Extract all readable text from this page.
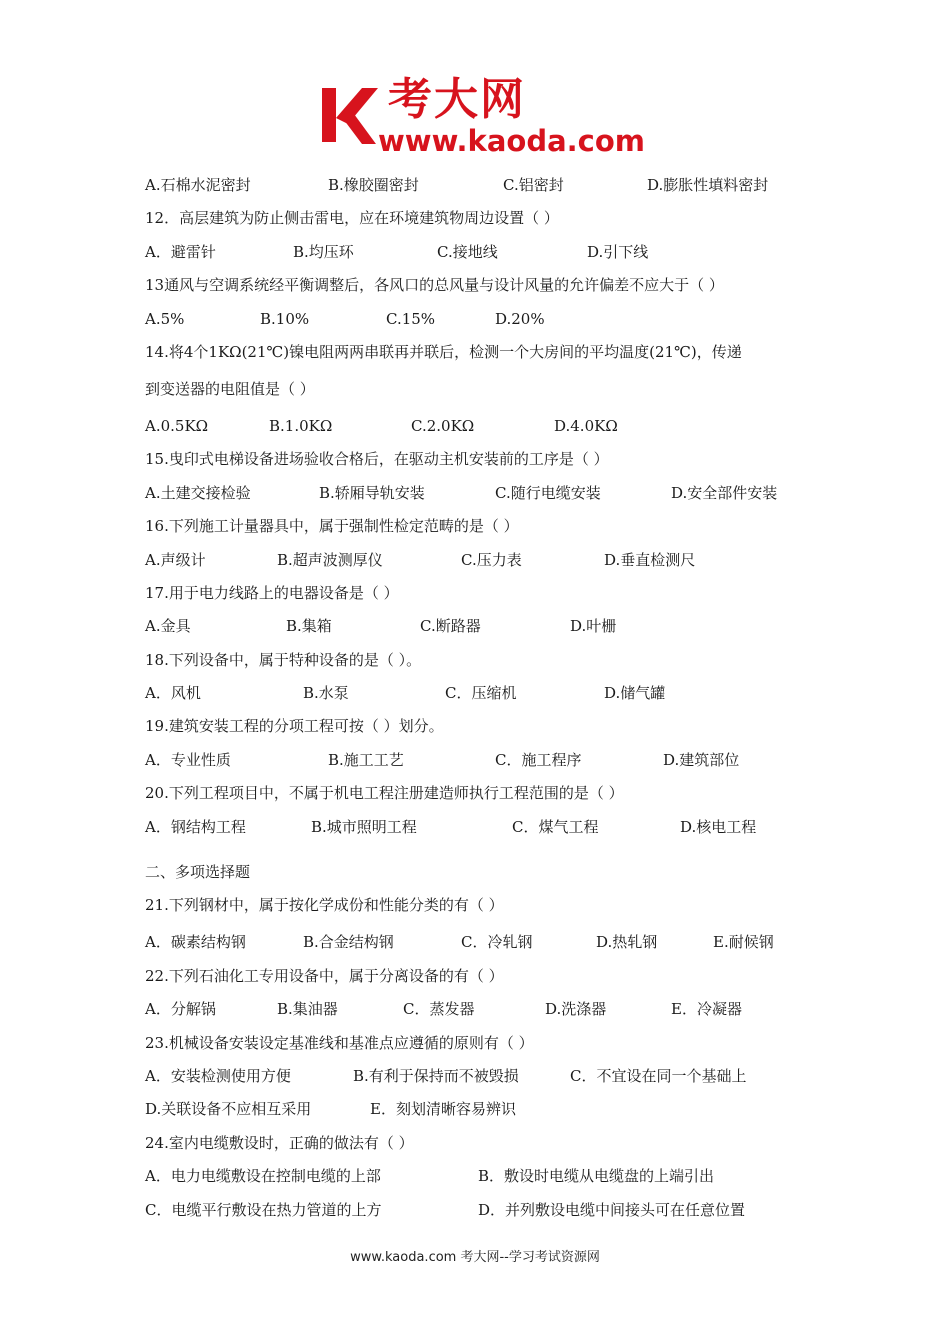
考大网
www.kaoda.com
A.石棉水泥密封	B.橡胶圈密封	C.铝密封	D.膨胀性填料密封
12．高层建筑为防止侧击雷电，应在环境建筑物周边设置（ ）
A．避雷针	B.均压环	C.接地线	D.引下线
13通风与空调系统经平衡调整后，各风口的总风量与设计风量的允许偏差不应大于（ ）
A.5%	B.10%	C.15%	D.20%
14.将4个1KΩ(21℃)镍电阻两两串联再并联后，检测一个大房间的平均温度(21℃)，传递
到变送器的电阻值是（ ）
A.0.5KΩ	B.1.0KΩ	C.2.0KΩ	D.4.0KΩ
15.曳印式电梯设备进场验收合格后，在驱动主机安装前的工序是（ ）
A.土建交接检验	B.轿厢导轨安装	C.随行电缆安装	D.安全部件安装
16.下列施工计量器具中，属于强制性检定范畴的是（ ）
A.声级计	B.超声波测厚仪	C.压力表	D.垂直检测尺
17.用于电力线路上的电器设备是（ ）
A.金具	B.集箱	C.断路器	D.叶栅
18.下列设备中，属于特种设备的是（ ）。
A．风机	B.水泵	C．压缩机	D.储气罐
19.建筑安装工程的分项工程可按（ ）划分。
A．专业性质	B.施工工艺	C．施工程序	D.建筑部位
20.下列工程项目中，不属于机电工程注册建造师执行工程范围的是（ ）
A．钢结构工程	B.城市照明工程	C．煤气工程	D.核电工程
二、多项选择题
21.下列钢材中，属于按化学成份和性能分类的有（ ）
A．碳素结构钢	B.合金结构钢	C．冷轧钢	D.热轧钢	E.耐候钢
22.下列石油化工专用设备中，属于分离设备的有（ ）
A．分解锅	B.集油器	C．蒸发器	D.洗涤器	E．冷凝器
23.机械设备安装设定基准线和基准点应遵循的原则有（ ）
A．安装检测使用方便	B.有利于保持而不被毁损	C．不宜设在同一个基础上
D.关联设备不应相互采用	E．刻划清晰容易辨识
24.室内电缆敷设时，正确的做法有（ ）
A．电力电缆敷设在控制电缆的上部	B．敷设时电缆从电缆盘的上端引出
C．电缆平行敷设在热力管道的上方	D．并列敷设电缆中间接头可在任意位置
www.kaoda.com 考大网--学习考试资源网
